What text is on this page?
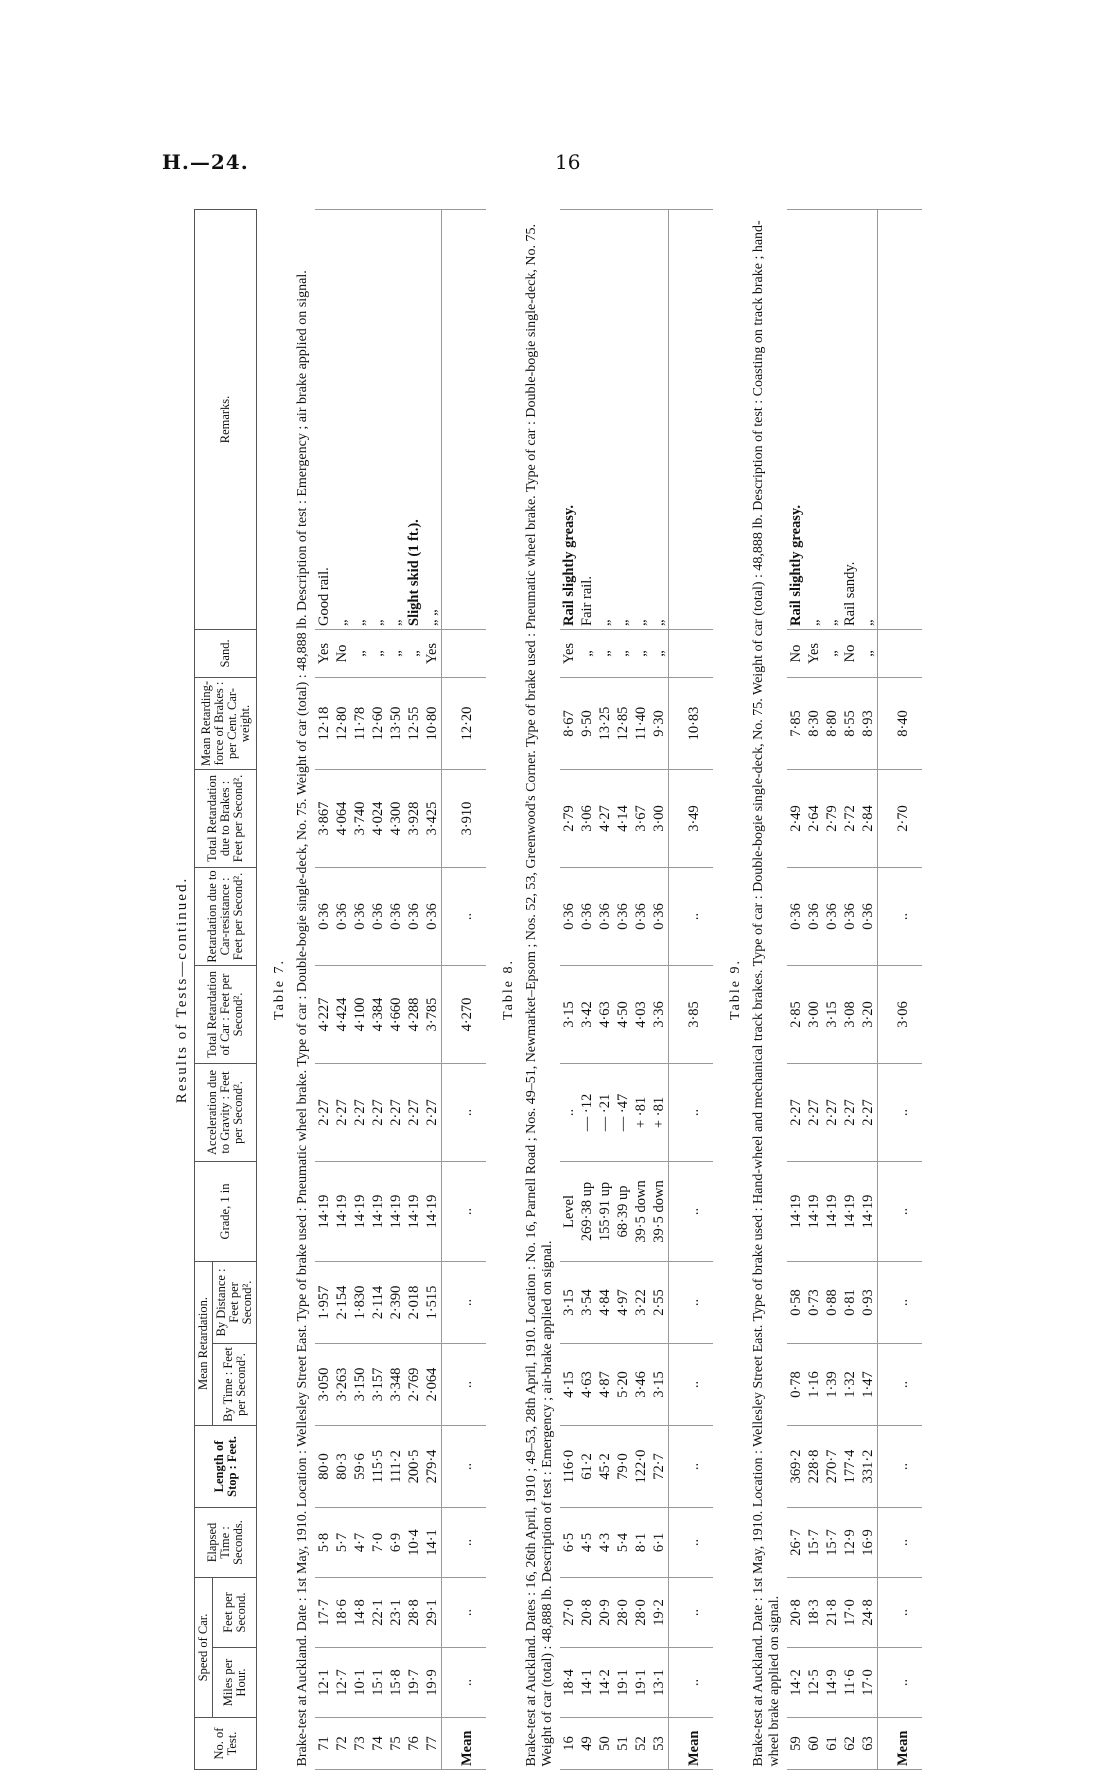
H.—24.	16
Results of Tests—continued.
No. of Test.	Speed of Car.		Elapsed Time : Seconds.	Length of Stop : Feet.	Mean Retardation.		Grade, 1 in	Acceleration due to Gravity : Feet per Second².	Total Retardation of Car : Feet per Second².	Retardation due to Car-resistance : Feet per Second².	Total Retardation due to Brakes : Feet per Second².	Mean Retarding-force of Brakes : per Cent. Car-weight.	Sand.	Remarks.
	Miles per Hour.	Feet per Second.			By Time : Feet per Second².	By Distance : Feet per Second².								
Table 7.														
Brake-test at Auckland. Date : 1st May, 1910. Location : Wellesley Street East. Type of brake used : Pneumatic wheel brake. Type of car : Double-bogie single-deck, No. 75. Weight of car (total) : 48,888 lb. Description of test : Emergency ; air brake applied on signal.														
71	12·1	17·7	5·8	80·0	3·050	1·957	14·19	2·27	4·227	0·36	3·867	12·18	Yes	Good rail.
72	12·7	18·6	5·7	80·3	3·263	2·154	14·19	2·27	4·424	0·36	4·064	12·80	No	„
73	10·1	14·8	4·7	59·6	3·150	1·830	14·19	2·27	4·100	0·36	3·740	11·78	„	„
74	15·1	22·1	7·0	115·5	3·157	2·114	14·19	2·27	4·384	0·36	4·024	12·60	„	„
75	15·8	23·1	6·9	111·2	3·348	2·390	14·19	2·27	4·660	0·36	4·300	13·50	„	„
76	19·7	28·8	10·4	200·5	2·769	2·018	14·19	2·27	4·288	0·36	3·928	12·55	„	Slight skid (1 ft.).
77	19·9	29·1	14·1	279·4	2·064	1·515	14·19	2·27	3·785	0·36	3·425	10·80	Yes	„ „
Mean	..	..	..	..	..	..	..	..	4·270	..	3·910	12·20		
Table 8.														
Brake-test at Auckland. Dates : 16, 26th April, 1910 ; 49–53, 28th April, 1910. Location : No. 16, Parnell Road ; Nos. 49–51, Newmarket–Epsom ; Nos. 52, 53, Greenwood's Corner. Type of brake used : Pneumatic wheel brake. Type of car : Double-bogie single-deck, No. 75. Weight of car (total) : 48,888 lb. Description of test : Emergency ; air-brake applied on signal.														
16	18·4	27·0	6·5	116·0	4·15	3·15	Level	..	3·15	0·36	2·79	8·67	Yes	Rail slightly greasy.
49	14·1	20·8	4·5	61·2	4·63	3·54	269·38 up	— ·12	3·42	0·36	3·06	9·50	„	Fair rail.
50	14·2	20·9	4·3	45·2	4·87	4·84	155·91 up	— ·21	4·63	0·36	4·27	13·25	„	„
51	19·1	28·0	5·4	79·0	5·20	4·97	68·39 up	— ·47	4·50	0·36	4·14	12·85	„	„
52	19·1	28·0	8·1	122·0	3·46	3·22	39·5 down	+ ·81	4·03	0·36	3·67	11·40	„	„
53	13·1	19·2	6·1	72·7	3·15	2·55	39·5 down	+ ·81	3·36	0·36	3·00	9·30	„	„
Mean	..	..	..	..	..	..	..	..	3·85	..	3·49	10·83		
Table 9.														
Brake-test at Auckland. Date : 1st May, 1910. Location : Wellesley Street East. Type of brake used : Hand-wheel and mechanical track brakes. Type of car : Double-bogie single-deck, No. 75. Weight of car (total) : 48,888 lb. Description of test : Coasting on track brake ; hand-wheel brake applied on signal.														
59	14·2	20·8	26·7	369·2	0·78	0·58	14·19	2·27	2·85	0·36	2·49	7·85	No	Rail slightly greasy.
60	12·5	18·3	15·7	228·8	1·16	0·73	14·19	2·27	3·00	0·36	2·64	8·30	Yes	„
61	14·9	21·8	15·7	270·7	1·39	0·88	14·19	2·27	3·15	0·36	2·79	8·80	„	„
62	11·6	17·0	12·9	177·4	1·32	0·81	14·19	2·27	3·08	0·36	2·72	8·55	No	Rail sandy.
63	17·0	24·8	16·9	331·2	1·47	0·93	14·19	2·27	3·20	0·36	2·84	8·93	„	„
Mean	..	..	..	..	..	..	..	..	3·06	..	2·70	8·40		
